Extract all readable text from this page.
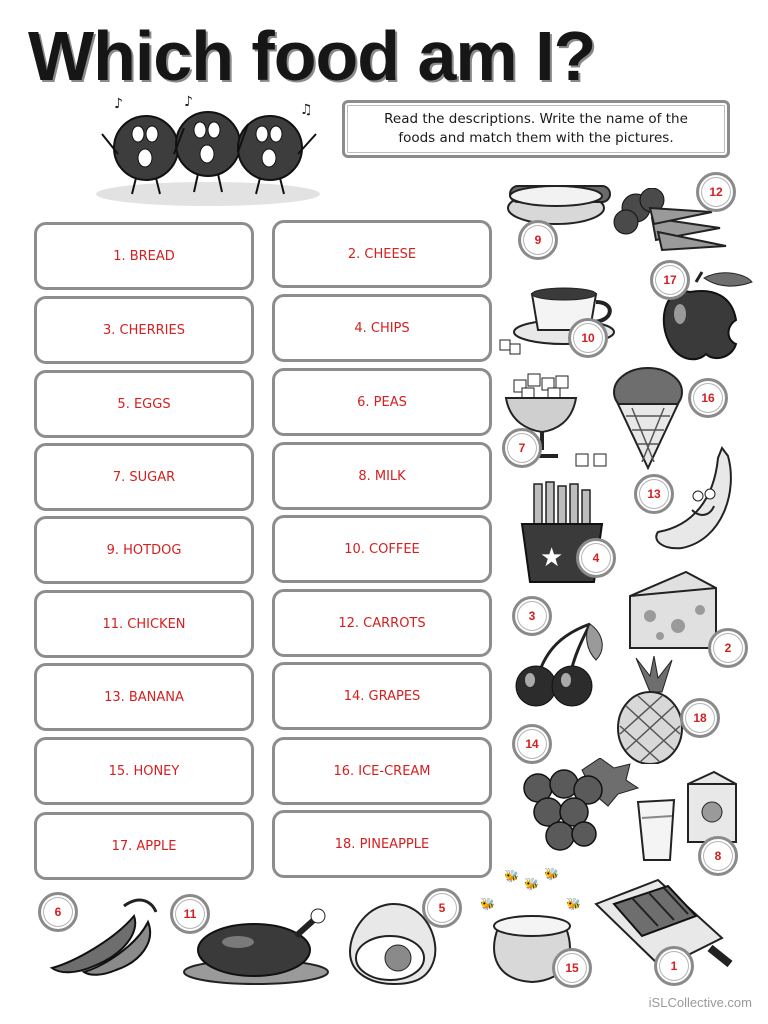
Which food am I?
♪	♪	♫
Read the descriptions. Write the name of the
foods and match them with the pictures.
1. BREAD
3. CHERRIES
5. EGGS
7. SUGAR
9. HOTDOG
11. CHICKEN
13. BANANA
15. HONEY
17. APPLE
2. CHEESE
4. CHIPS
6. PEAS
8. MILK
10. COFFEE
12. CARROTS
14. GRAPES
16. ICE-CREAM
18. PINEAPPLE
★
🐝
🐝
🐝
🐝	🐝
9
12
10
17
7
16
4
13
3
2
18
14
8
6	11	5
15	1
iSLCollective.com
